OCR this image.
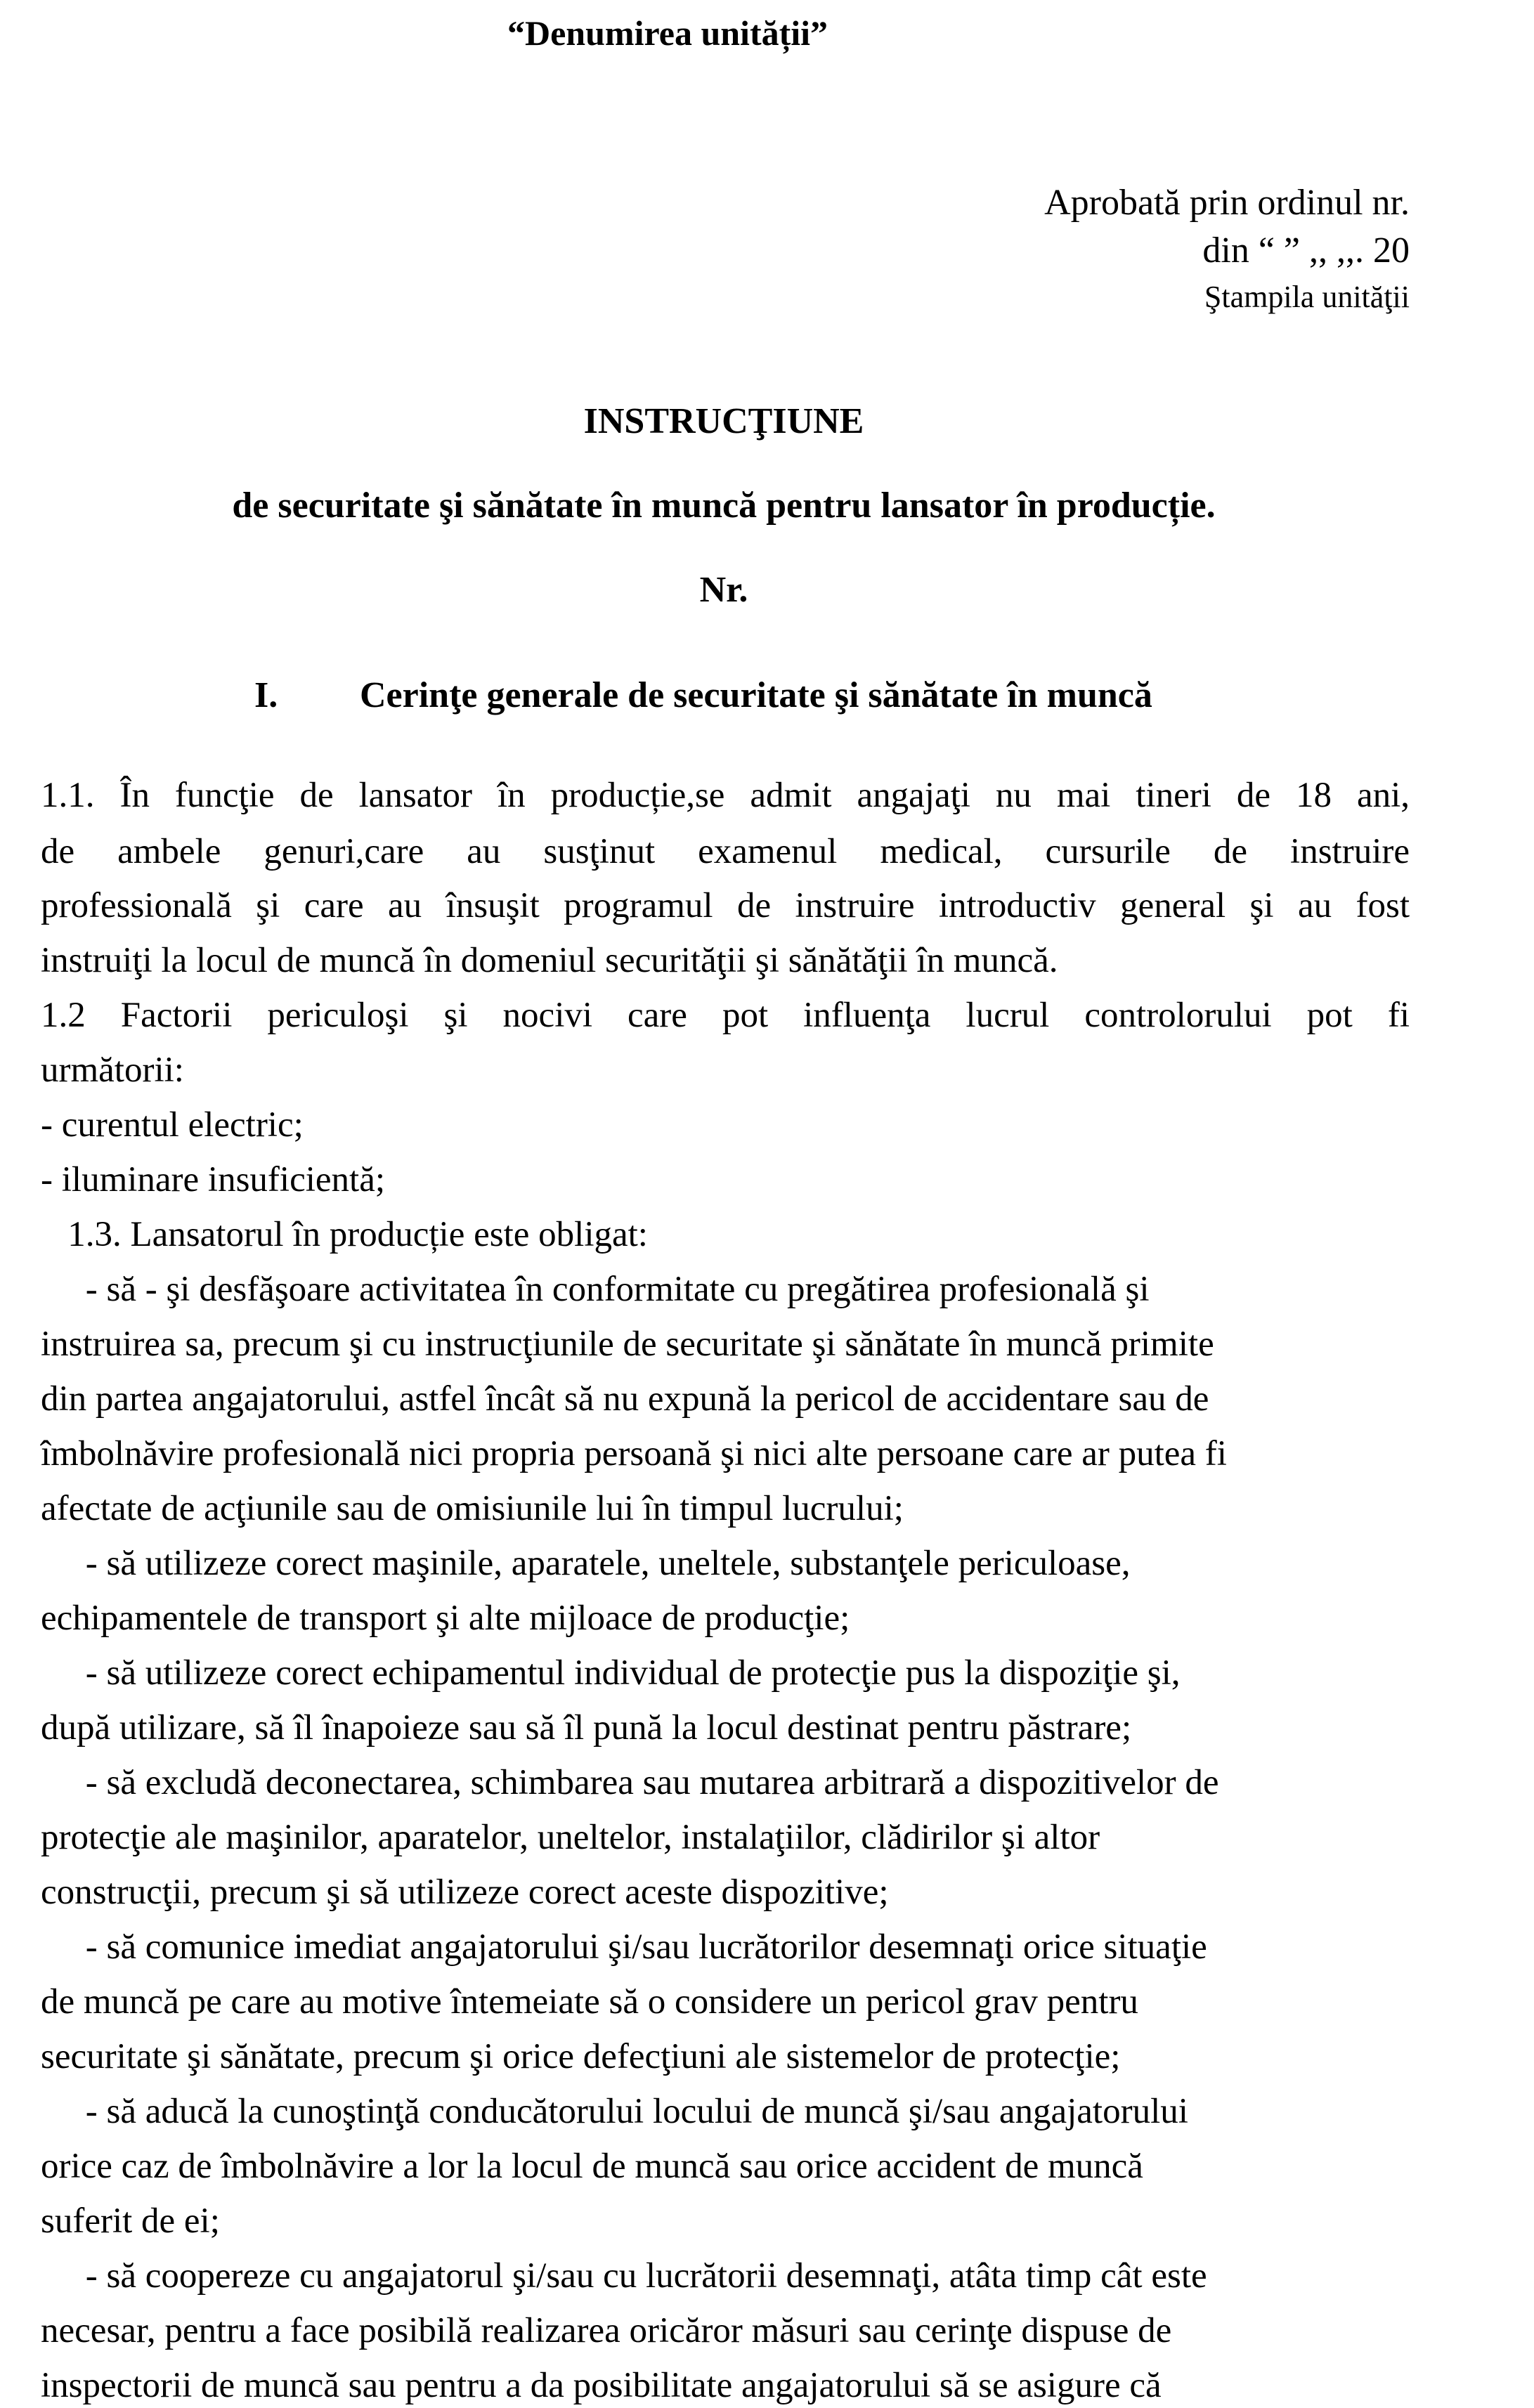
“Denumirea unității”
Aprobată prin ordinul nr.
din “ ” ,, ,,. 20
Ştampila unităţii
INSTRUCŢIUNE
de securitate şi sănătate în muncă pentru lansator în producție.
Nr.
I. Cerinţe generale de securitate şi sănătate în muncă
1.1. În funcţie de lansator în producție,se admit angajaţi nu mai tineri de 18 ani,
de ambele genuri,care au susţinut examenul medical, cursurile de instruire
professională şi care au însuşit programul de instruire introductiv general şi au fost
instruiţi la locul de muncă în domeniul securităţii şi sănătăţii în muncă.
1.2 Factorii periculoşi şi nocivi care pot influenţa lucrul controlorului pot fi
următorii:
- curentul electric;
- iluminare insuficientă;
1.3. Lansatorul în producție este obligat:
- să - şi desfăşoare activitatea în conformitate cu pregătirea profesională şi
instruirea sa, precum şi cu instrucţiunile de securitate şi sănătate în muncă primite
din partea angajatorului, astfel încât să nu expună la pericol de accidentare sau de
îmbolnăvire profesională nici propria persoană şi nici alte persoane care ar putea fi
afectate de acţiunile sau de omisiunile lui în timpul lucrului;
- să utilizeze corect maşinile, aparatele, uneltele, substanţele periculoase,
echipamentele de transport şi alte mijloace de producţie;
- să utilizeze corect echipamentul individual de protecţie pus la dispoziţie şi,
după utilizare, să îl înapoieze sau să îl pună la locul destinat pentru păstrare;
- să excludă deconectarea, schimbarea sau mutarea arbitrară a dispozitivelor de
protecţie ale maşinilor, aparatelor, uneltelor, instalaţiilor, clădirilor şi altor
construcţii, precum şi să utilizeze corect aceste dispozitive;
- să comunice imediat angajatorului şi/sau lucrătorilor desemnaţi orice situaţie
de muncă pe care au motive întemeiate să o considere un pericol grav pentru
securitate şi sănătate, precum şi orice defecţiuni ale sistemelor de protecţie;
- să aducă la cunoştinţă conducătorului locului de muncă şi/sau angajatorului
orice caz de îmbolnăvire a lor la locul de muncă sau orice accident de muncă
suferit de ei;
- să coopereze cu angajatorul şi/sau cu lucrătorii desemnaţi, atâta timp cât este
necesar, pentru a face posibilă realizarea oricăror măsuri sau cerinţe dispuse de
inspectorii de muncă sau pentru a da posibilitate angajatorului să se asigure că
